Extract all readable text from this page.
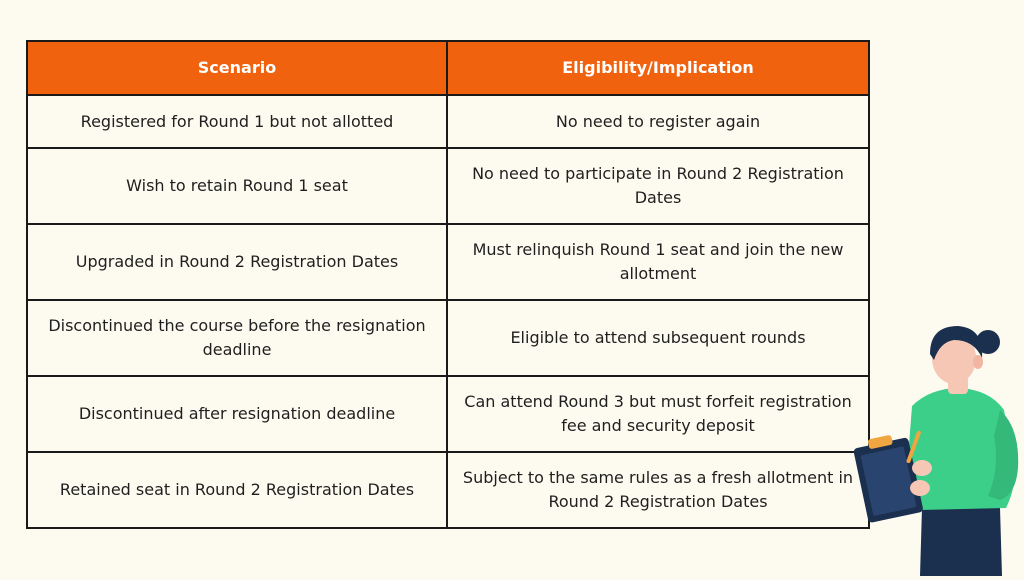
Scenario	Eligibility/Implication
Registered for Round 1 but not allotted	No need to register again
Wish to retain Round 1 seat	No need to participate in Round 2 Registration Dates
Upgraded in Round 2 Registration Dates	Must relinquish Round 1 seat and join the new allotment
Discontinued the course before the resignation deadline	Eligible to attend subsequent rounds
Discontinued after resignation deadline	Can attend Round 3 but must forfeit registration fee and security deposit
Retained seat in Round 2 Registration Dates	Subject to the same rules as a fresh allotment in Round 2 Registration Dates
